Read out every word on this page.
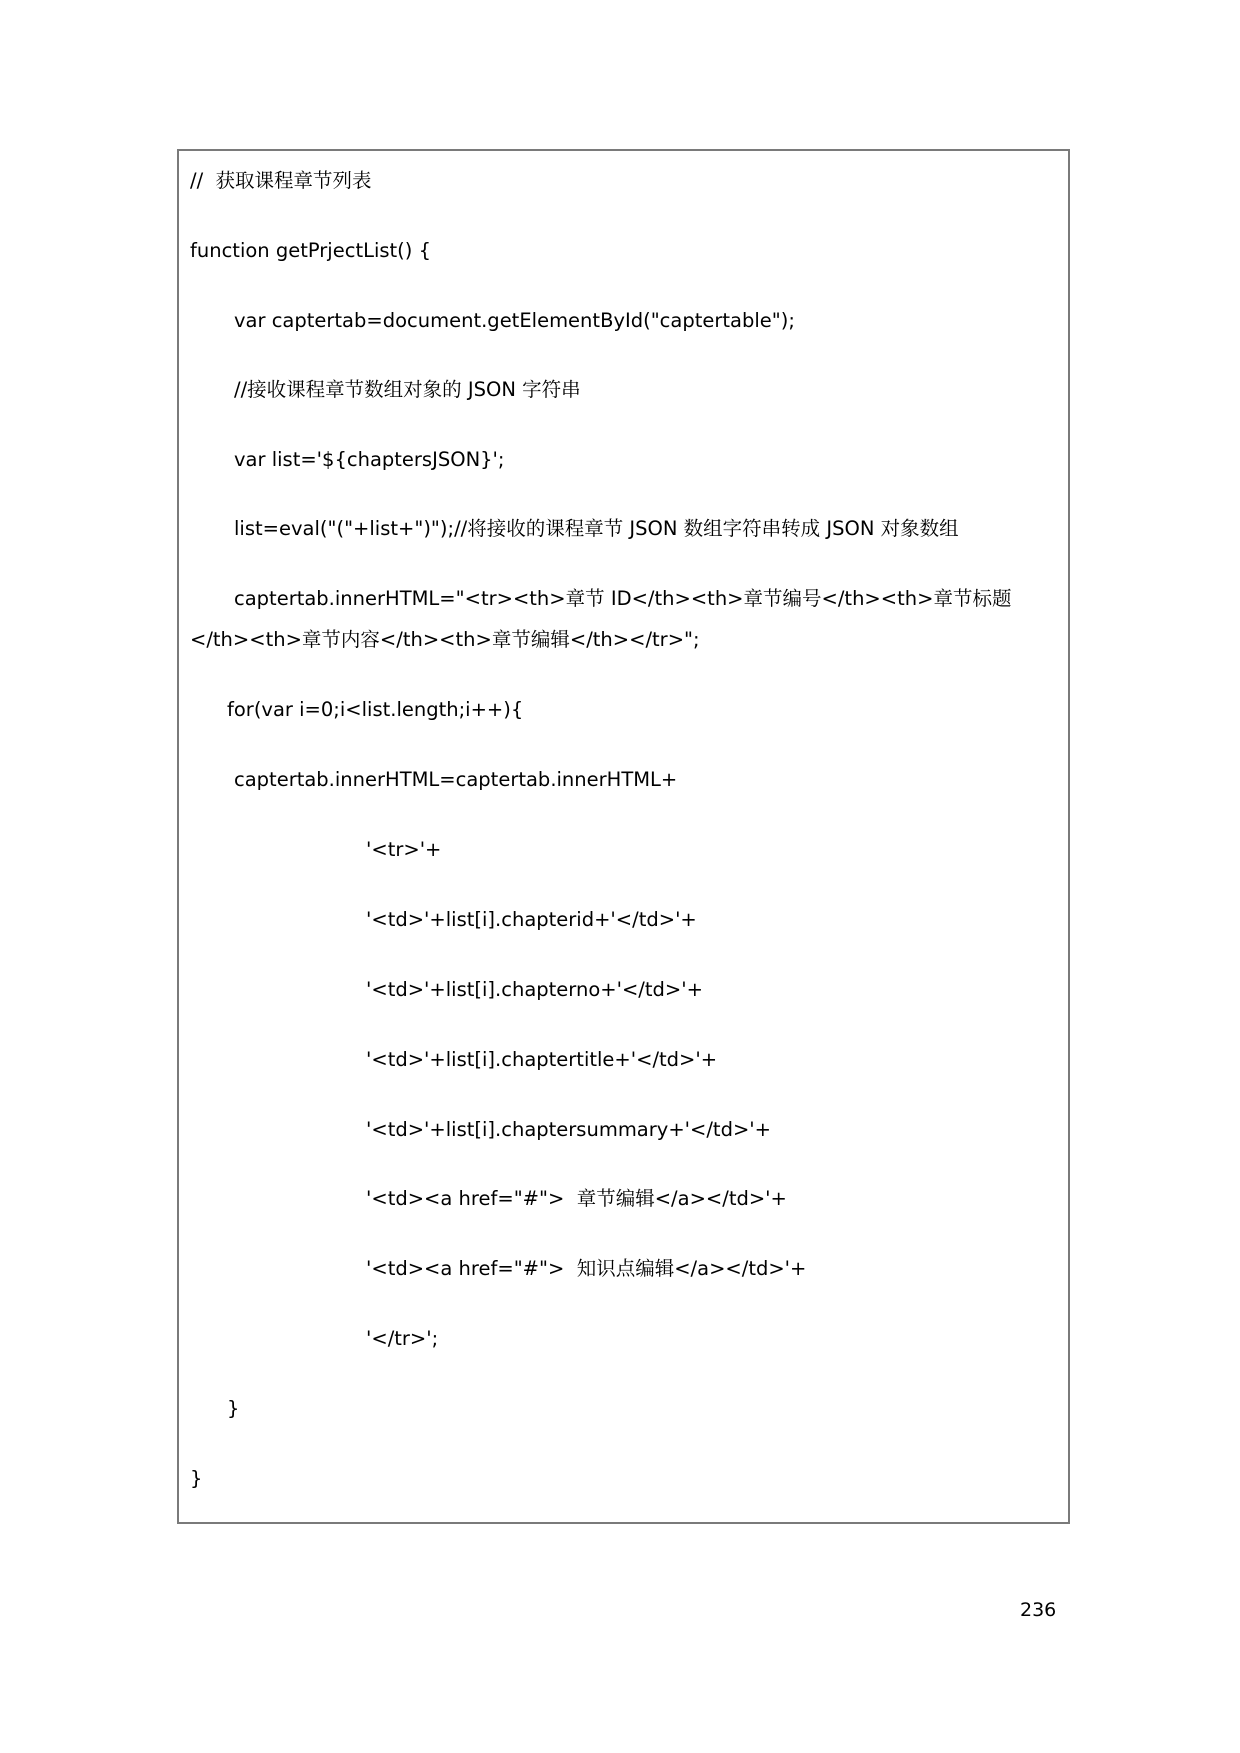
//  获取课程章节列表
function getPrjectList() {
var captertab=document.getElementById("captertable");
//接收课程章节数组对象的 JSON 字符串
var list='${chaptersJSON}';
list=eval("("+list+")");//将接收的课程章节 JSON 数组字符串转成 JSON 对象数组
captertab.innerHTML="<tr><th>章节 ID</th><th>章节编号</th><th>章节标题
</th><th>章节内容</th><th>章节编辑</th></tr>";
for(var i=0;i<list.length;i++){
captertab.innerHTML=captertab.innerHTML+
'<tr>'+
'<td>'+list[i].chapterid+'</td>'+
'<td>'+list[i].chapterno+'</td>'+
'<td>'+list[i].chaptertitle+'</td>'+
'<td>'+list[i].chaptersummary+'</td>'+
'<td><a href="#">  章节编辑</a></td>'+
'<td><a href="#">  知识点编辑</a></td>'+
'</tr>';
}
}
236
